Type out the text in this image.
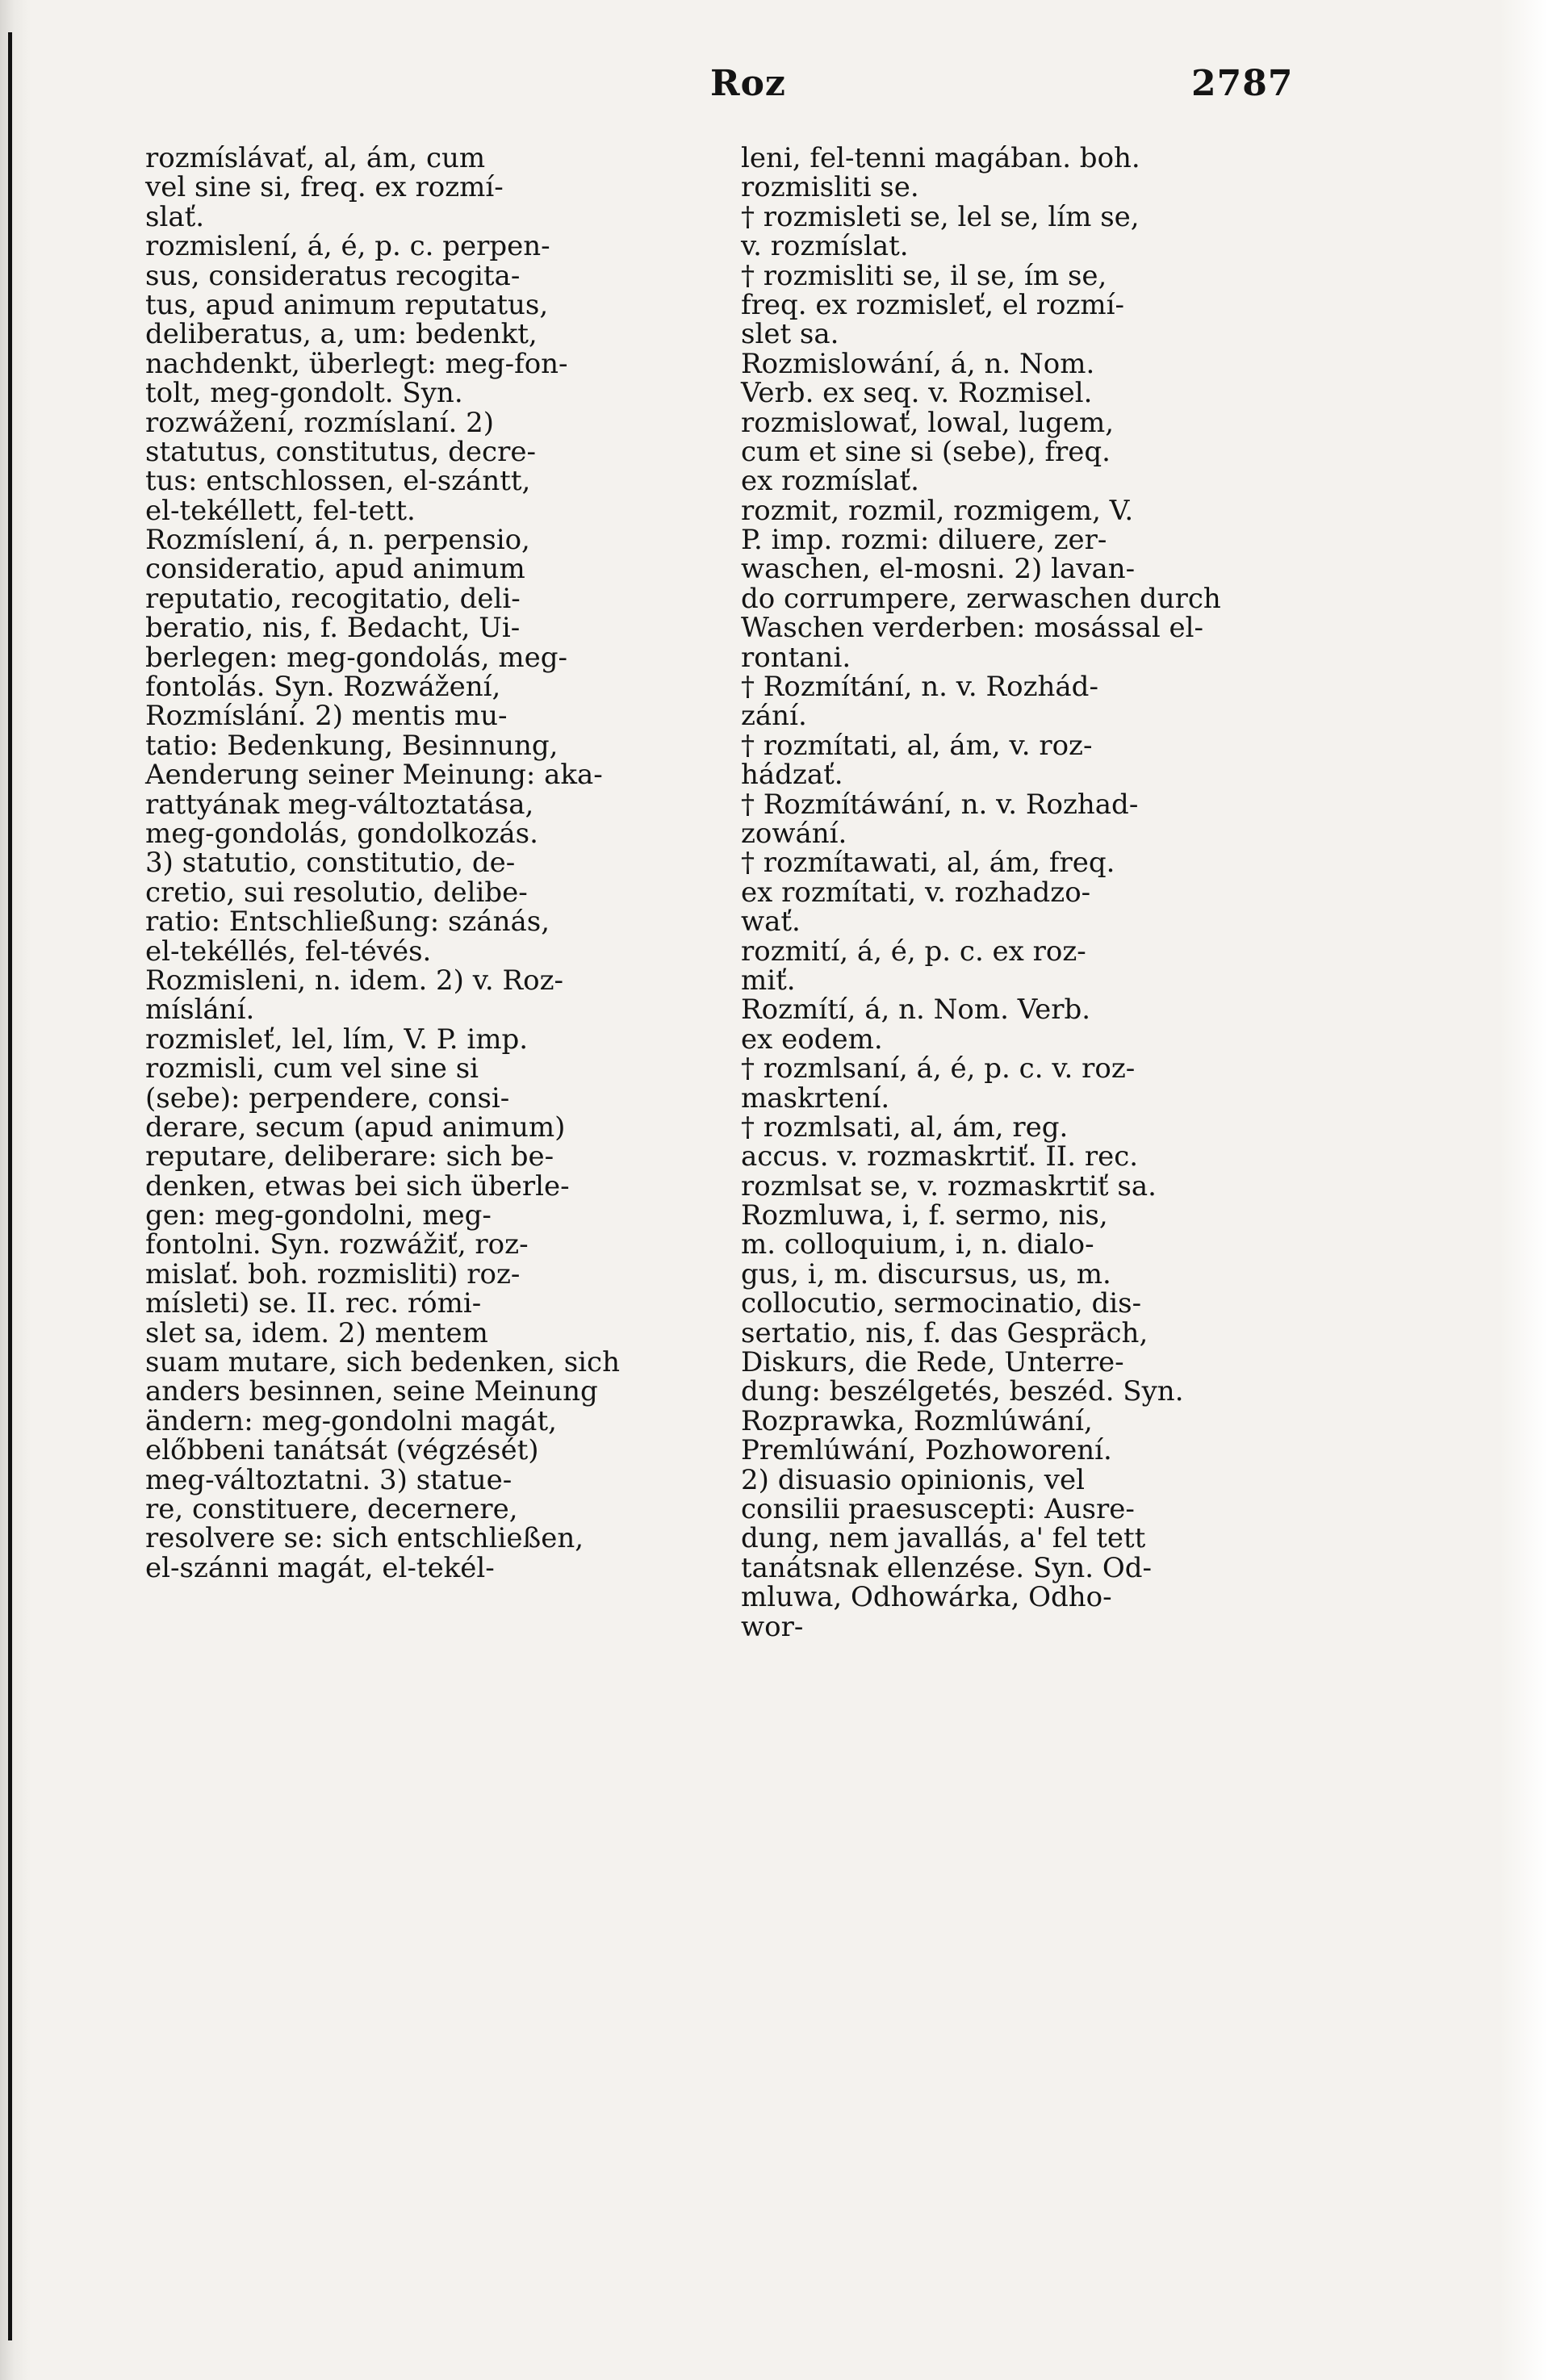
Roz	2787
rozmíslávať, al, ám, cum
vel sine si, freq. ex rozmí-
slať.
rozmislení, á, é, p. c. perpen-
sus, consideratus recogita-
tus, apud animum reputatus,
deliberatus, a, um: bedenkt,
nachdenkt, überlegt: meg-fon-
tolt, meg-gondolt. Syn.
rozwážení, rozmíslaní. 2)
statutus, constitutus, decre-
tus: entschlossen, el-szántt,
el-tekéllett, fel-tett.
Rozmíslení, á, n. perpensio,
consideratio, apud animum
reputatio, recogitatio, deli-
beratio, nis, f. Bedacht, Ui-
berlegen: meg-gondolás, meg-
fontolás. Syn. Rozwážení,
Rozmíslání. 2) mentis mu-
tatio: Bedenkung, Besinnung,
Aenderung seiner Meinung: aka-
rattyának meg-változtatása,
meg-gondolás, gondolkozás.
3) statutio, constitutio, de-
cretio, sui resolutio, delibe-
ratio: Entschließung: szánás,
el-tekéllés, fel-tévés.
Rozmisleni, n. idem. 2) v. Roz-
míslání.
rozmisleť, lel, lím, V. P. imp.
rozmisli, cum vel sine si
(sebe): perpendere, consi-
derare, secum (apud animum)
reputare, deliberare: sich be-
denken, etwas bei sich überle-
gen: meg-gondolni, meg-
fontolni. Syn. rozwážiť, roz-
mislať. boh. rozmisliti) roz-
mísleti) se. II. rec. rómi-
slet sa, idem. 2) mentem
suam mutare, sich bedenken, sich
anders besinnen, seine Meinung
ändern: meg-gondolni magát,
előbbeni tanátsát (végzését)
meg-változtatni. 3) statue-
re, constituere, decernere,
resolvere se: sich entschließen,
el-szánni magát, el-tekél-
leni, fel-tenni magában. boh.
rozmisliti se.
† rozmisleti se, lel se, lím se,
v. rozmíslat.
† rozmisliti se, il se, ím se,
freq. ex rozmisleť, el rozmí-
slet sa.
Rozmislowání, á, n. Nom.
Verb. ex seq. v. Rozmisel.
rozmislowať, lowal, lugem,
cum et sine si (sebe), freq.
ex rozmíslať.
rozmit, rozmil, rozmigem, V.
P. imp. rozmi: diluere, zer-
waschen, el-mosni. 2) lavan-
do corrumpere, zerwaschen durch
Waschen verderben: mosással el-
rontani.
† Rozmítání, n. v. Rozhád-
zání.
† rozmítati, al, ám, v. roz-
hádzať.
† Rozmítáwání, n. v. Rozhad-
zowání.
† rozmítawati, al, ám, freq.
ex rozmítati, v. rozhadzo-
wať.
rozmití, á, é, p. c. ex roz-
miť.
Rozmítí, á, n. Nom. Verb.
ex eodem.
† rozmlsaní, á, é, p. c. v. roz-
maskrtení.
† rozmlsati, al, ám, reg.
accus. v. rozmaskrtiť. II. rec.
rozmlsat se, v. rozmaskrtiť sa.
Rozmluwa, i, f. sermo, nis,
m. colloquium, i, n. dialo-
gus, i, m. discursus, us, m.
collocutio, sermocinatio, dis-
sertatio, nis, f. das Gespräch,
Diskurs, die Rede, Unterre-
dung: beszélgetés, beszéd. Syn.
Rozprawka, Rozmlúwání,
Premlúwání, Pozhoworení.
2) disuasio opinionis, vel
consilii praesuscepti: Ausre-
dung, nem javallás, a' fel tett
tanátsnak ellenzése. Syn. Od-
mluwa, Odhowárka, Odho-
wor-
